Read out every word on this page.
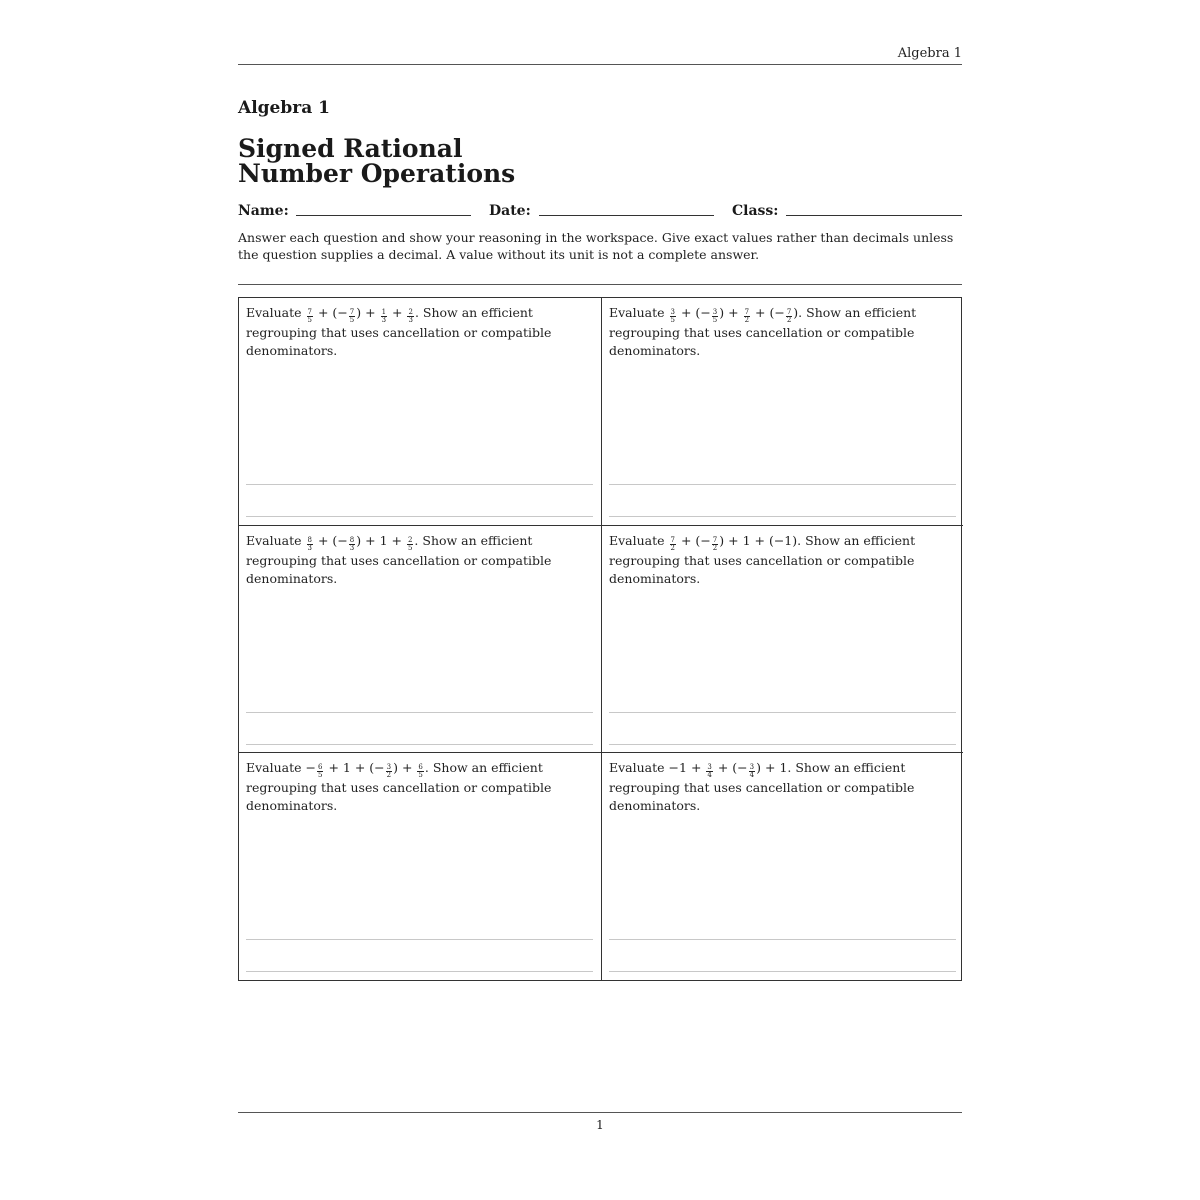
Algebra 1
Algebra 1
Signed Rational
Number Operations
Name:	Date:	Class:
Answer each question and show your reasoning in the workspace. Give exact values rather than decimals unless the question supplies a decimal. A value without its unit is not a complete answer.
Evaluate $\frac{7}{5}$ + (− $\frac{7}{5}$ ) + $\frac{1}{3} + \frac{2}{3}$ . Show an efficient regrouping that uses cancellation or compatible denominators.
Evaluate $\frac{3}{5}$ + (− $\frac{3}{5}$ ) + $\frac{7}{2}$ + (− $\frac{7}{2}$ ). Show an efficient regrouping that uses cancellation or compatible denominators.
Evaluate $\frac{8}{3}$ + (− $\frac{8}{3}$ ) + $1 + \frac{2}{5}$ . Show an efficient regrouping that uses cancellation or compatible denominators.
Evaluate $\frac{7}{2}$ + (− $\frac{7}{2}$ ) + 1 + (−1). Show an efficient regrouping that uses cancellation or compatible denominators.
Evaluate − $\frac{6}{5} + 1$ + (− $\frac{3}{2}$ ) + $\frac{6}{5}$ . Show an efficient regrouping that uses cancellation or compatible denominators.
Evaluate $-1 + \frac{3}{4}$ + (− $\frac{3}{4}$ ) + 1. Show an efficient regrouping that uses cancellation or compatible denominators.
1
